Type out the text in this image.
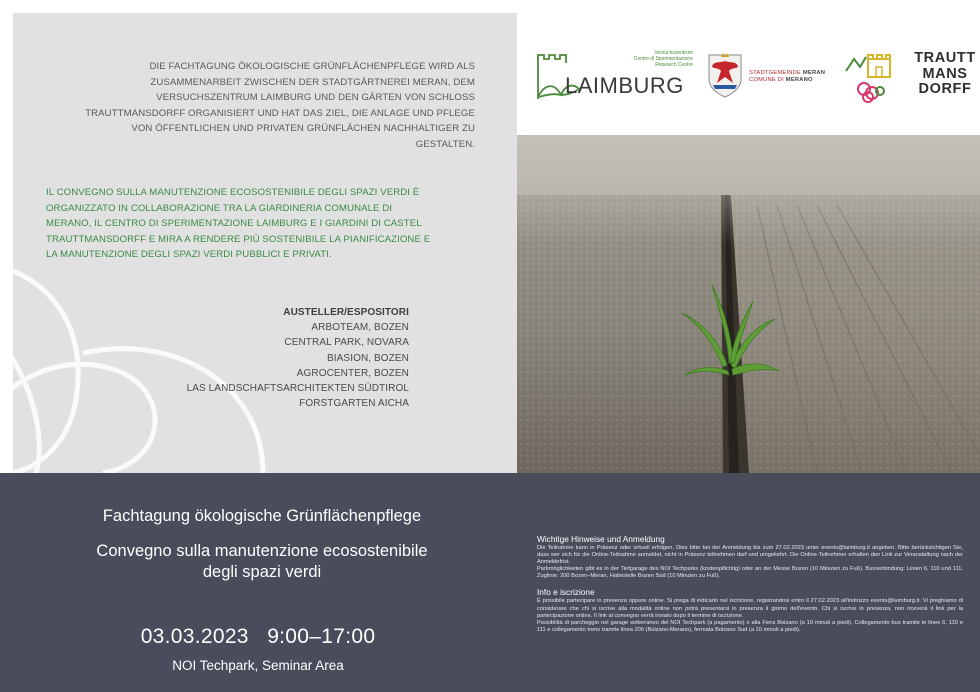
DIE FACHTAGUNG ÖKOLOGISCHE GRÜNFLÄCHENPFLEGE WIRD ALS ZUSAMMENARBEIT ZWISCHEN DER STADTGÄRTNEREI MERAN, DEM VERSUCHSZENTRUM LAIMBURG UND DEN GÄRTEN VON SCHLOSS TRAUTTMANSDORFF ORGANISIERT UND HAT DAS ZIEL, DIE ANLAGE UND PFLEGE VON ÖFFENTLICHEN UND PRIVATEN GRÜNFLÄCHEN NACHHALTIGER ZU GESTALTEN.
IL CONVEGNO SULLA MANUTENZIONE ECOSOSTENIBILE DEGLI SPAZI VERDI È ORGANIZZATO IN COLLABORAZIONE TRA LA GIARDINERIA COMUNALE DI MERANO, IL CENTRO DI SPERIMENTAZIONE LAIMBURG E I GIARDINI DI CASTEL TRAUTTMANSDORFF E MIRA A RENDERE PIÙ SOSTENIBILE LA PIANIFICAZIONE E LA MANUTENZIONE DEGLI SPAZI VERDI PUBBLICI E PRIVATI.
AUSTELLER/ESPOSITORI
ARBOTEAM, BOZEN
CENTRAL PARK, NOVARA
BIASION, BOZEN
AGROCENTER, BOZEN
LAS LANDSCHAFTSARCHITEKTEN SÜDTIROL
FORSTGARTEN AICHA
Versuchszentrum
Centro di Sperimentazione
Research Centre
LAIMBURG	STADTGEMEINDE MERAN
COMUNE DI MERANO
TRAUTT
MANS
DORFF
Fachtagung ökologische Grünflächenpflege
Convegno sulla manutenzione ecosostenibile
degli spazi verdi
03.03.2023   9:00–17:00
NOI Techpark, Seminar Area
Wichtige Hinweise und Anmeldung

Die Teilnahme kann in Präsenz oder virtuell erfolgen. Dies bitte bei der Anmeldung bis zum 27.02.2023 unter events@laimburg.it angeben. Bitte berücksichtigen Sie, dass wer sich für die Online-Teilnahme anmeldet, nicht in Präsenz teilnehmen darf und umgekehrt. Die Online-Teilnehmer erhalten den Link zur Veranstaltung nach der Anmeldefrist.

Parkmöglichkeiten gibt es in der Tiefgarage des NOI Techparks (kostenpflichtig) oder an der Messe Bozen (10 Minuten zu Fuß). Busverbindung: Linien 6, 110 und 111. Zuglinie: 200 Bozen–Meran, Haltestelle Bozen Süd (10 Minuten zu Fuß).

Info e iscrizione

È possibile partecipare in presenza oppure online. Si prega di indicarlo nel iscrizione, registrandosi entro il 27.02.2023 all'indirizzo events@laimburg.it. Vi preghiamo di considerare che chi si iscrive alla modalità online non potrà presentarsi in presenza il giorno dell'evento. Chi si iscrive in presenza, non riceverà il link per la partecipazione online. Il link al convegno verrà inviato dopo il termine di iscrizione.

Possibilità di parcheggio nel garage sotterraneo del NOI Techpark (a pagamento) o alla Fiera Bolzano (a 10 minuti a piedi). Collegamento bus tramite le linee 6, 110 e 111 e collegamento treno tramite linea 200 (Bolzano-Merano), fermata Bolzano Sud (a 10 minuti a piedi).
